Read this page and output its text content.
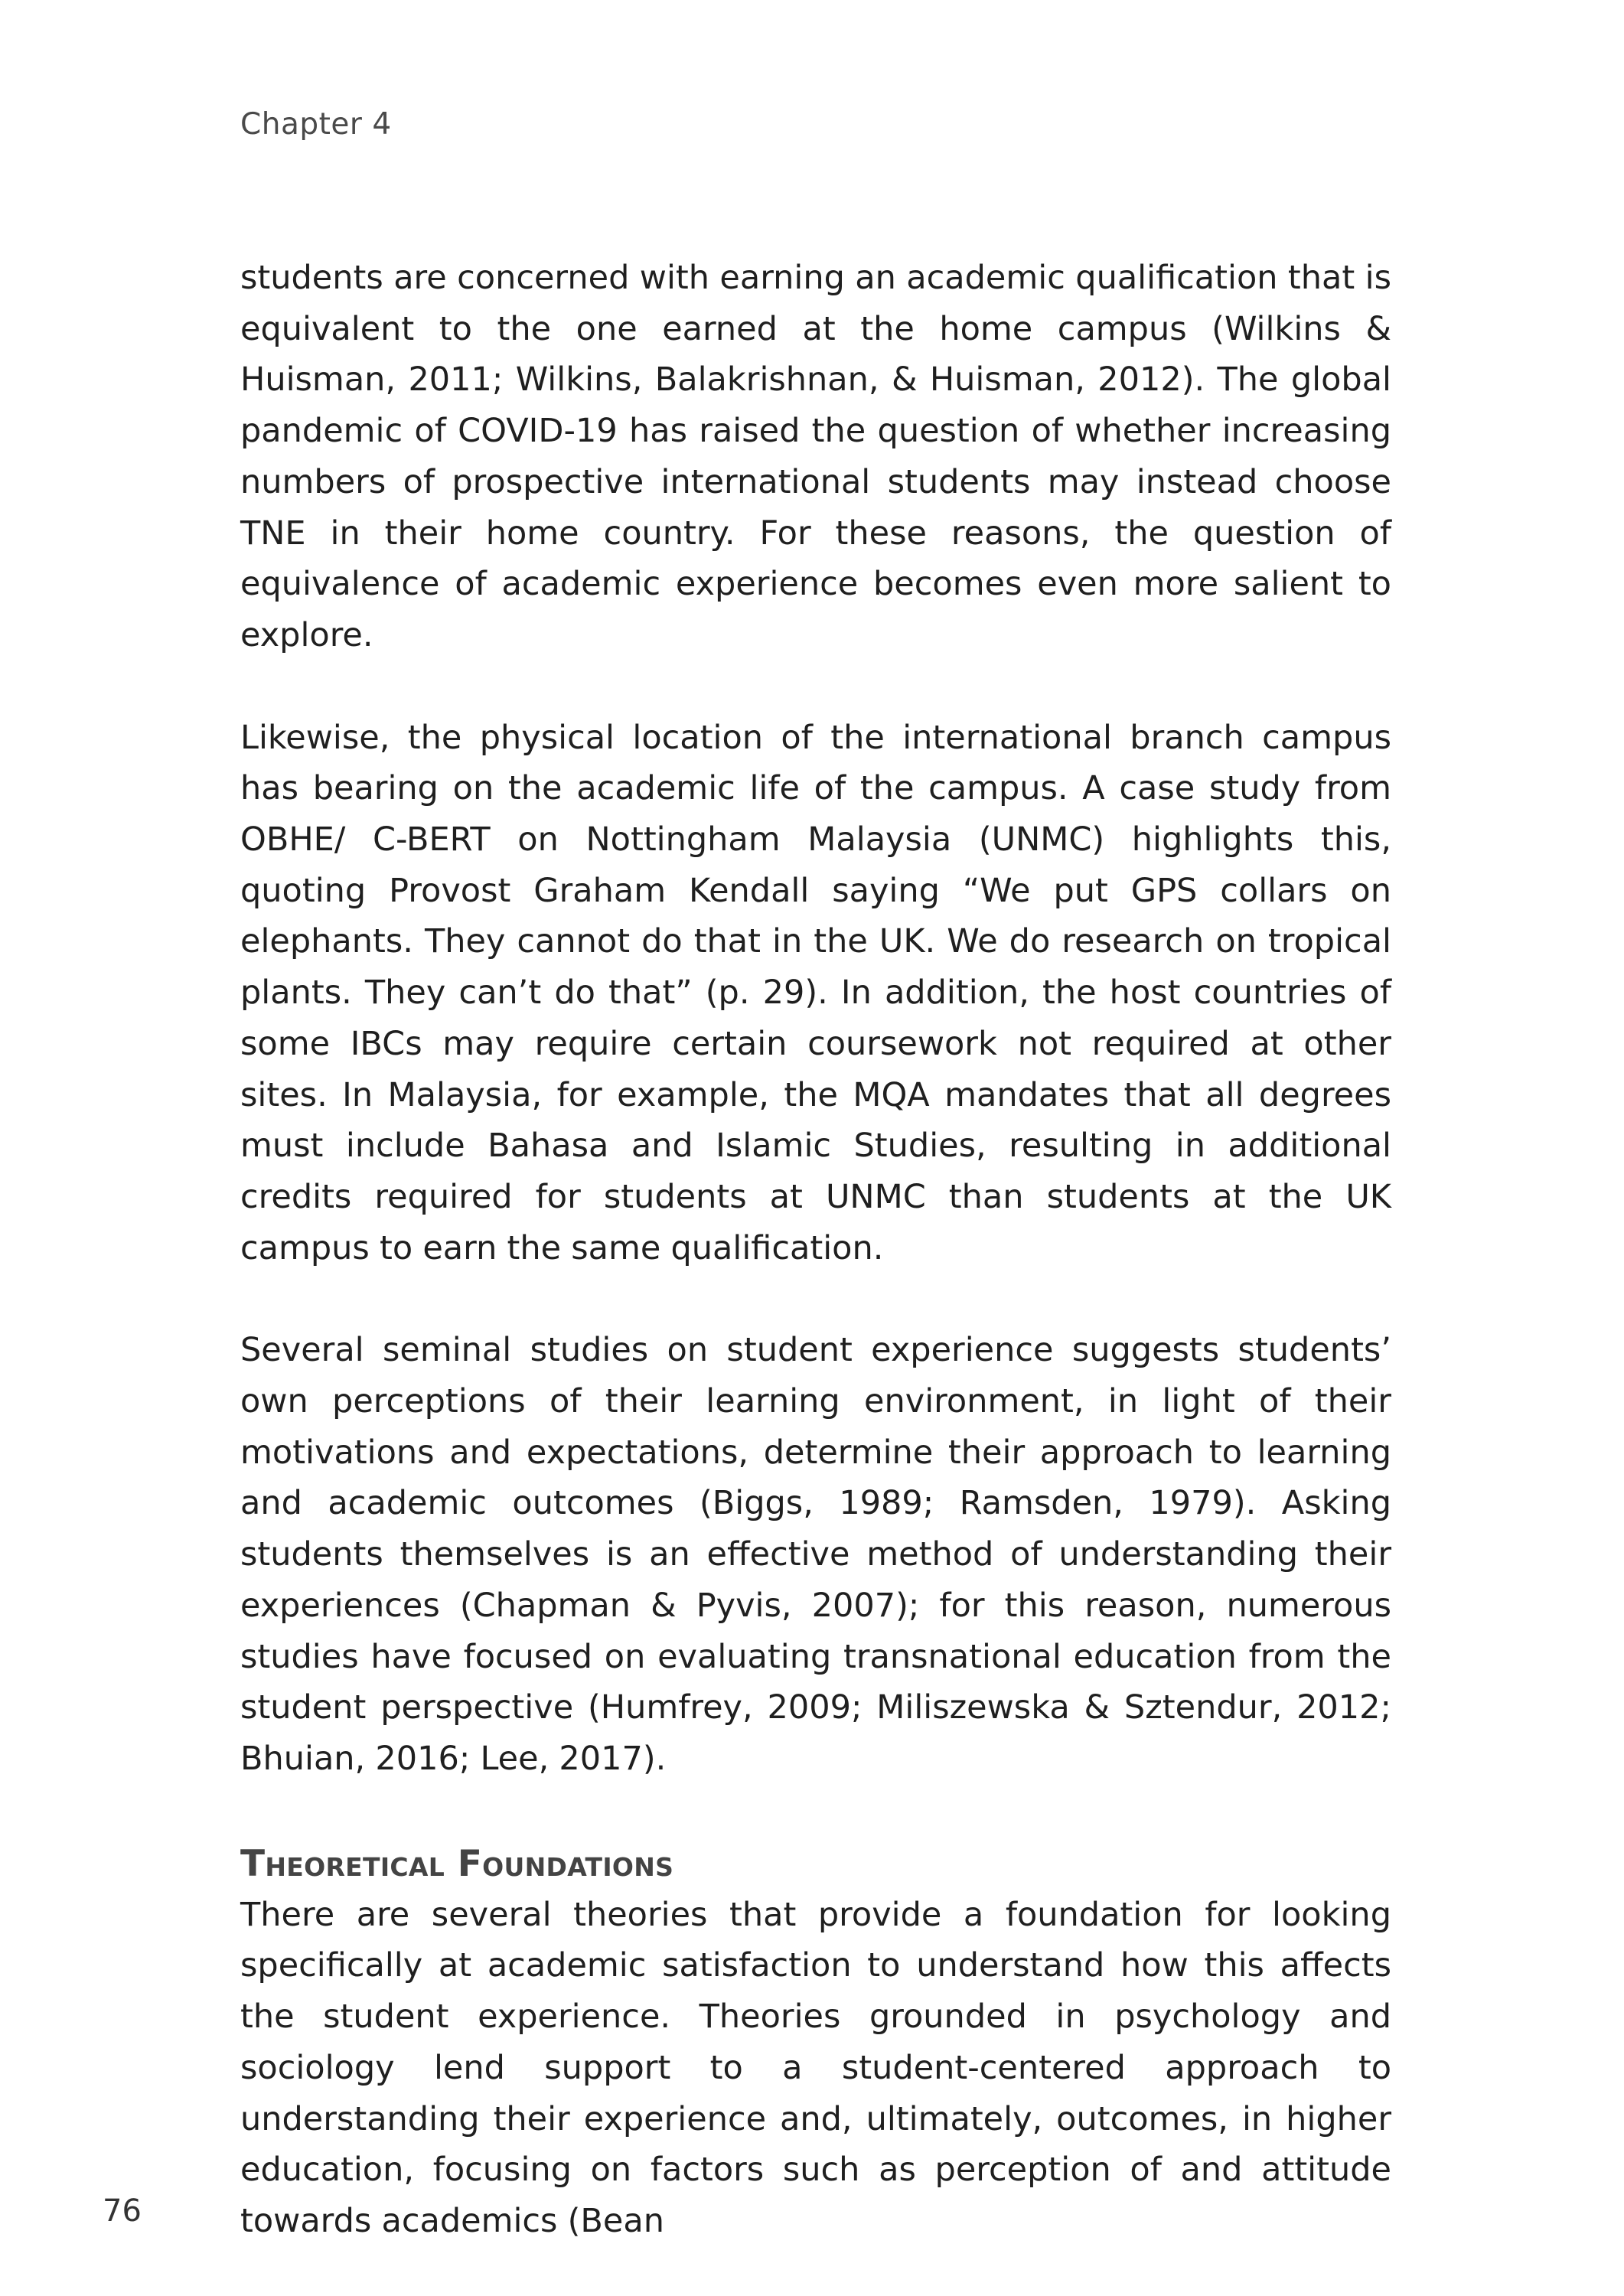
Chapter 4

students are concerned with earning an academic qualification that is equivalent to the one earned at the home campus (Wilkins & Huisman, 2011; Wilkins, Balakrishnan, & Huisman, 2012). The global pandemic of COVID-19 has raised the question of whether increasing numbers of prospective international students may instead choose TNE in their home country. For these reasons, the question of equivalence of academic experience becomes even more salient to explore.

Likewise, the physical location of the international branch campus has bearing on the academic life of the campus. A case study from OBHE/ C-BERT on Nottingham Malaysia (UNMC) highlights this, quoting Provost Graham Kendall saying “We put GPS collars on elephants. They cannot do that in the UK. We do research on tropical plants. They can’t do that” (p. 29). In addition, the host countries of some IBCs may require certain coursework not required at other sites. In Malaysia, for example, the MQA mandates that all degrees must include Bahasa and Islamic Studies, resulting in additional credits required for students at UNMC than students at the UK campus to earn the same qualification.

Several seminal studies on student experience suggests students’ own perceptions of their learning environment, in light of their motivations and expectations, determine their approach to learning and academic outcomes (Biggs, 1989; Ramsden, 1979). Asking students themselves is an effective method of understanding their experiences (Chapman & Pyvis, 2007); for this reason, numerous studies have focused on evaluating transnational education from the student perspective (Humfrey, 2009; Miliszewska & Sztendur, 2012; Bhuian, 2016; Lee, 2017).

Theoretical Foundations

There are several theories that provide a foundation for looking specifically at academic satisfaction to understand how this affects the student experience. Theories grounded in psychology and sociology lend support to a student-centered approach to understanding their experience and, ultimately, outcomes, in higher education, focusing on factors such as perception of and attitude towards academics (Bean

76
